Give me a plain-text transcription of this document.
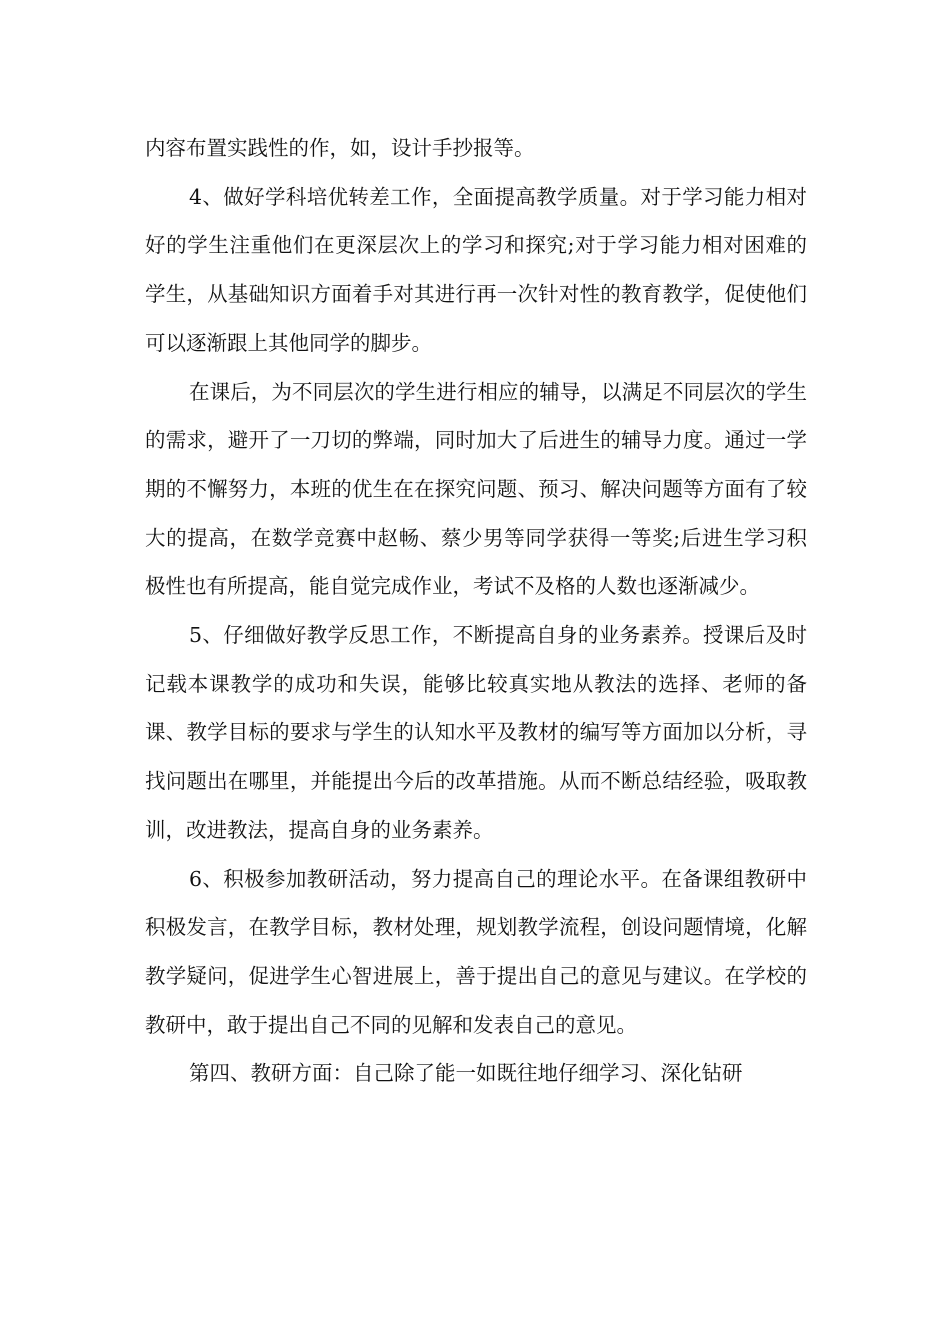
内容布置实践性的作，如，设计手抄报等。

4、做好学科培优转差工作，全面提高教学质量。对于学习能力相对好的学生注重他们在更深层次上的学习和探究;对于学习能力相对困难的学生，从基础知识方面着手对其进行再一次针对性的教育教学，促使他们可以逐渐跟上其他同学的脚步。

在课后，为不同层次的学生进行相应的辅导，以满足不同层次的学生的需求，避开了一刀切的弊端，同时加大了后进生的辅导力度。通过一学期的不懈努力，本班的优生在在探究问题、预习、解决问题等方面有了较大的提高，在数学竞赛中赵畅、蔡少男等同学获得一等奖;后进生学习积极性也有所提高，能自觉完成作业，考试不及格的人数也逐渐减少。

5、仔细做好教学反思工作，不断提高自身的业务素养。授课后及时记载本课教学的成功和失误，能够比较真实地从教法的选择、老师的备课、教学目标的要求与学生的认知水平及教材的编写等方面加以分析，寻找问题出在哪里，并能提出今后的改革措施。从而不断总结经验，吸取教训，改进教法，提高自身的业务素养。

6、积极参加教研活动，努力提高自己的理论水平。在备课组教研中积极发言，在教学目标，教材处理，规划教学流程，创设问题情境，化解教学疑问，促进学生心智进展上，善于提出自己的意见与建议。在学校的教研中，敢于提出自己不同的见解和发表自己的意见。

第四、教研方面：自己除了能一如既往地仔细学习、深化钻研
